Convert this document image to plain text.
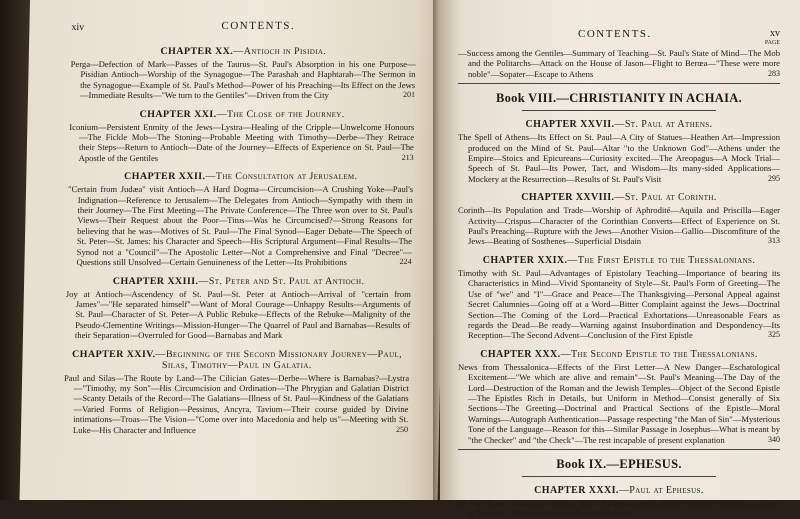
xiv	CONTENTS.
CHAPTER XX.—Antioch in Pisidia.
Perga—Defection of Mark—Passes of the Taurus—St. Paul's Absorption in his one Purpose—Pisidian Antioch—Worship of the Synagogue—The Parashah and Haphtarah—The Sermon in the Synagogue—Example of St. Paul's Method—Power of his Preaching—Its Effect on the Jews—Immediate Results—"We turn to the Gentiles"—Driven from the City	201
CHAPTER XXI.—The Close of the Journey.
Iconium—Persistent Enmity of the Jews—Lystra—Healing of the Cripple—Unwelcome Honours—The Fickle Mob—The Stoning—Probable Meeting with Timothy—Derbe—They Retrace their Steps—Return to Antioch—Date of the Journey—Effects of Experience on St. Paul—The Apostle of the Gentiles	213
CHAPTER XXII.—The Consultation at Jerusalem.
"Certain from Judæa" visit Antioch—A Hard Dogma—Circumcision—A Crushing Yoke—Paul's Indignation—Reference to Jerusalem—The Delegates from Antioch—Sympathy with them in their Journey—The First Meeting—The Private Conference—The Three won over to St. Paul's Views—Their Request about the Poor—Titus—Was he Circumcised?—Strong Reasons for believing that he was—Motives of St. Paul—The Final Synod—Eager Debate—The Speech of St. Peter—St. James: his Character and Speech—His Scriptural Argument—Final Results—The Synod not a "Council"—The Apostolic Letter—Not a Comprehensive and Final "Decree"—Questions still Unsolved—Certain Genuineness of the Letter—Its Prohibitions	224
CHAPTER XXIII.—St. Peter and St. Paul at Antioch.
Joy at Antioch—Ascendency of St. Paul—St. Peter at Antioch—Arrival of "certain from James"—"He separated himself"—Want of Moral Courage—Unhappy Results—Arguments of St. Paul—Character of St. Peter—A Public Rebuke—Effects of the Rebuke—Malignity of the Pseudo-Clementine Writings—Mission-Hunger—The Quarrel of Paul and Barnabas—Results of their Separation—Overruled for Good—Barnabas and Mark
CHAPTER XXIV.—Beginning of the Second Missionary Journey—Paul, Silas, Timothy—Paul in Galatia.
Paul and Silas—The Route by Land—The Cilician Gates—Derbe—Where is Barnabas?—Lystra—"Timothy, my Son"—His Circumcision and Ordination—The Phrygian and Galatian District—Scanty Details of the Record—The Galatians—Illness of St. Paul—Kindness of the Galatians—Varied Forms of Religion—Pessinus, Ancyra, Tavium—Their course guided by Divine intimations—Troas—The Vision—"Come over into Macedonia and help us"—Meeting with St. Luke—His Character and Influence	250
CONTENTS.	xv
PAGE
—Success among the Gentiles—Summary of Teaching—St. Paul's State of Mind—The Mob and the Politarchs—Attack on the House of Jason—Flight to Berœa—"These were more noble"—Sopater—Escape to Athens	283
Book VIII.—CHRISTIANITY IN ACHAIA.
CHAPTER XXVII.—St. Paul at Athens.
The Spell of Athens—Its Effect on St. Paul—A City of Statues—Heathen Art—Impression produced on the Mind of St. Paul—Altar "to the Unknown God"—Athens under the Empire—Stoics and Epicureans—Curiosity excited—The Areopagus—A Mock Trial—Speech of St. Paul—Its Power, Tact, and Wisdom—Its many-sided Applications—Mockery at the Resurrection—Results of St. Paul's Visit	295
CHAPTER XXVIII.—St. Paul at Corinth.
Corinth—Its Population and Trade—Worship of Aphrodité—Aquila and Priscilla—Eager Activity—Crispus—Character of the Corinthian Converts—Effect of Experience on St. Paul's Preaching—Rupture with the Jews—Another Vision—Gallio—Discomfiture of the Jews—Beating of Sosthenes—Superficial Disdain	313
CHAPTER XXIX.—The First Epistle to the Thessalonians.
Timothy with St. Paul—Advantages of Epistolary Teaching—Importance of bearing its Characteristics in Mind—Vivid Spontaneity of Style—St. Paul's Form of Greeting—The Use of "we" and "I"—Grace and Peace—The Thanksgiving—Personal Appeal against Secret Calumnies—Going off at a Word—Bitter Complaint against the Jews—Doctrinal Section—The Coming of the Lord—Practical Exhortations—Unreasonable Fears as regards the Dead—Be ready—Warning against Insubordination and Despondency—Its Reception—The Second Advent—Conclusion of the First Epistle	325
CHAPTER XXX.—The Second Epistle to the Thessalonians.
News from Thessalonica—Effects of the First Letter—A New Danger—Eschatological Excitement—"We which are alive and remain"—St. Paul's Meaning—The Day of the Lord—Destruction of the Roman and the Jewish Temples—Object of the Second Epistle—The Epistles Rich in Details, but Uniform in Method—Consist generally of Six Sections—The Greeting—Doctrinal and Practical Sections of the Epistle—Moral Warnings—Autograph Authentication—Passage respecting "the Man of Sin"—Mysterious Tone of the Language—Reason for this—Similar Passage in Josephus—What is meant by "the Checker" and "the Check"—The rest incapable of present explanation	340
Book IX.—EPHESUS.
CHAPTER XXXI.—Paul at Ephesus.
St. Paul leaves Corinth—Nazarite Vow—Ephesian Jews—Fourth Visit to Jerusalem—Illness at Antioch—Ephesian Journey through Galatia
